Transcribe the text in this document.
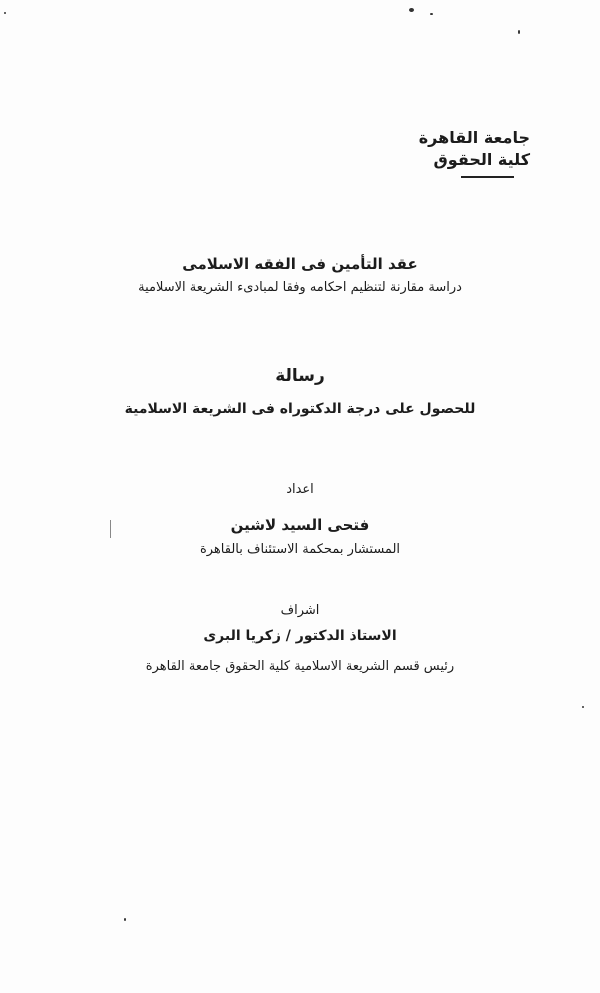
جامعة القاهرة
كلية الحقوق
عقد التأمين فى الفقه الاسلامى
دراسة مقارنة لتنظيم احكامه وفقا لمبادىء الشريعة الاسلامية
رسالة
للحصول على درجة الدكتوراه فى الشريعة الاسلامية
اعداد
فتحى السيد لاشين
المستشار بمحكمة الاستئناف بالقاهرة
اشراف
الاستاذ الدكتور / زكريا البرى
رئيس قسم الشريعة الاسلامية كلية الحقوق جامعة القاهرة
